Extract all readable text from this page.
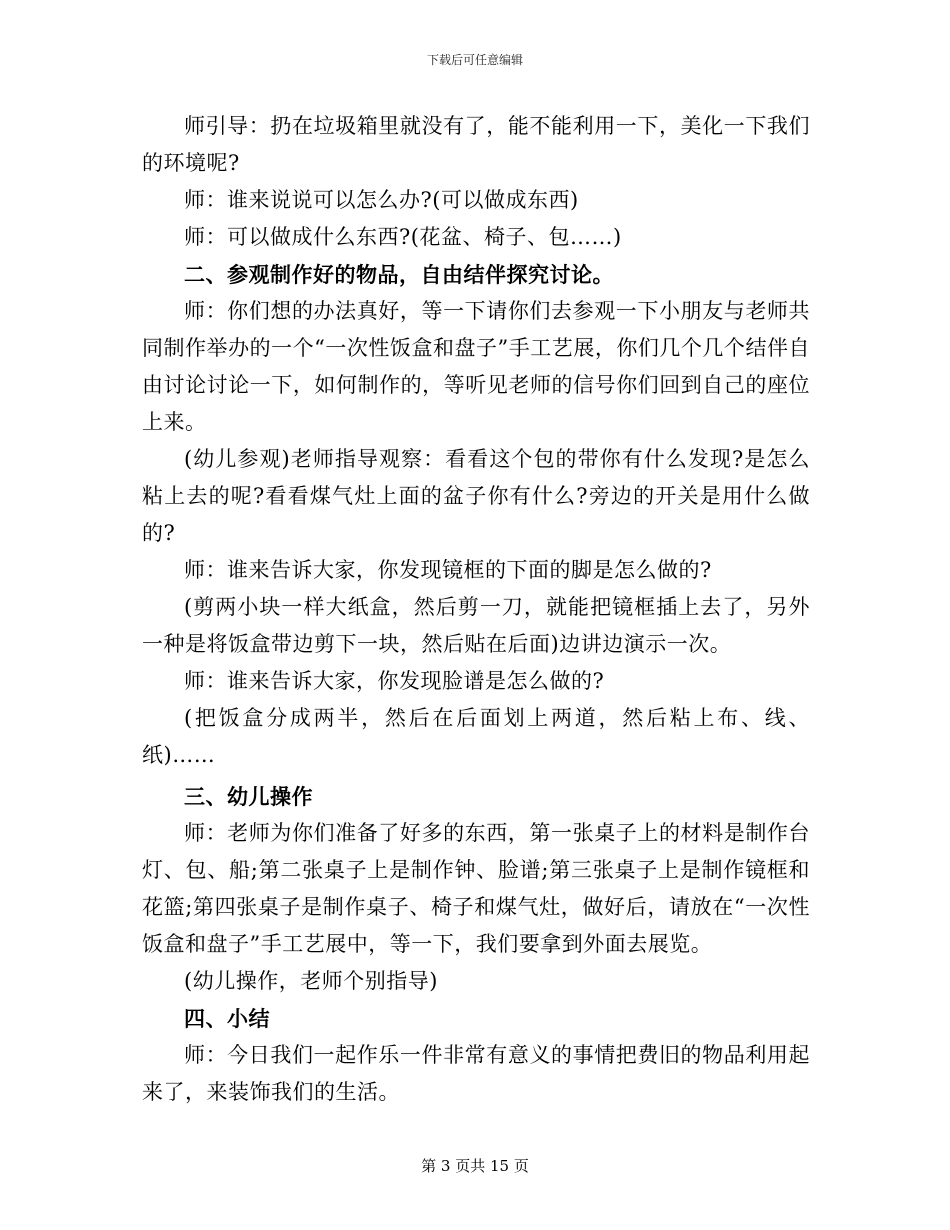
下载后可任意编辑

师引导：扔在垃圾箱里就没有了，能不能利用一下，美化一下我们的环境呢?

师：谁来说说可以怎么办?(可以做成东西)

师：可以做成什么东西?(花盆、椅子、包……)

二、参观制作好的物品，自由结伴探究讨论。

师：你们想的办法真好，等一下请你们去参观一下小朋友与老师共同制作举办的一个“一次性饭盒和盘子”手工艺展，你们几个几个结伴自由讨论讨论一下，如何制作的，等听见老师的信号你们回到自己的座位上来。

(幼儿参观)老师指导观察：看看这个包的带你有什么发现?是怎么粘上去的呢?看看煤气灶上面的盆子你有什么?旁边的开关是用什么做的?

师：谁来告诉大家，你发现镜框的下面的脚是怎么做的?

(剪两小块一样大纸盒，然后剪一刀，就能把镜框插上去了，另外一种是将饭盒带边剪下一块，然后贴在后面)边讲边演示一次。

师：谁来告诉大家，你发现脸谱是怎么做的?

(把饭盒分成两半，然后在后面划上两道，然后粘上布、线、纸)……

三、幼儿操作

师：老师为你们准备了好多的东西，第一张桌子上的材料是制作台灯、包、船;第二张桌子上是制作钟、脸谱;第三张桌子上是制作镜框和花篮;第四张桌子是制作桌子、椅子和煤气灶，做好后，请放在“一次性饭盒和盘子”手工艺展中，等一下，我们要拿到外面去展览。

(幼儿操作，老师个别指导)

四、小结

师：今日我们一起作乐一件非常有意义的事情把费旧的物品利用起来了，来装饰我们的生活。

第 3 页共 15 页
